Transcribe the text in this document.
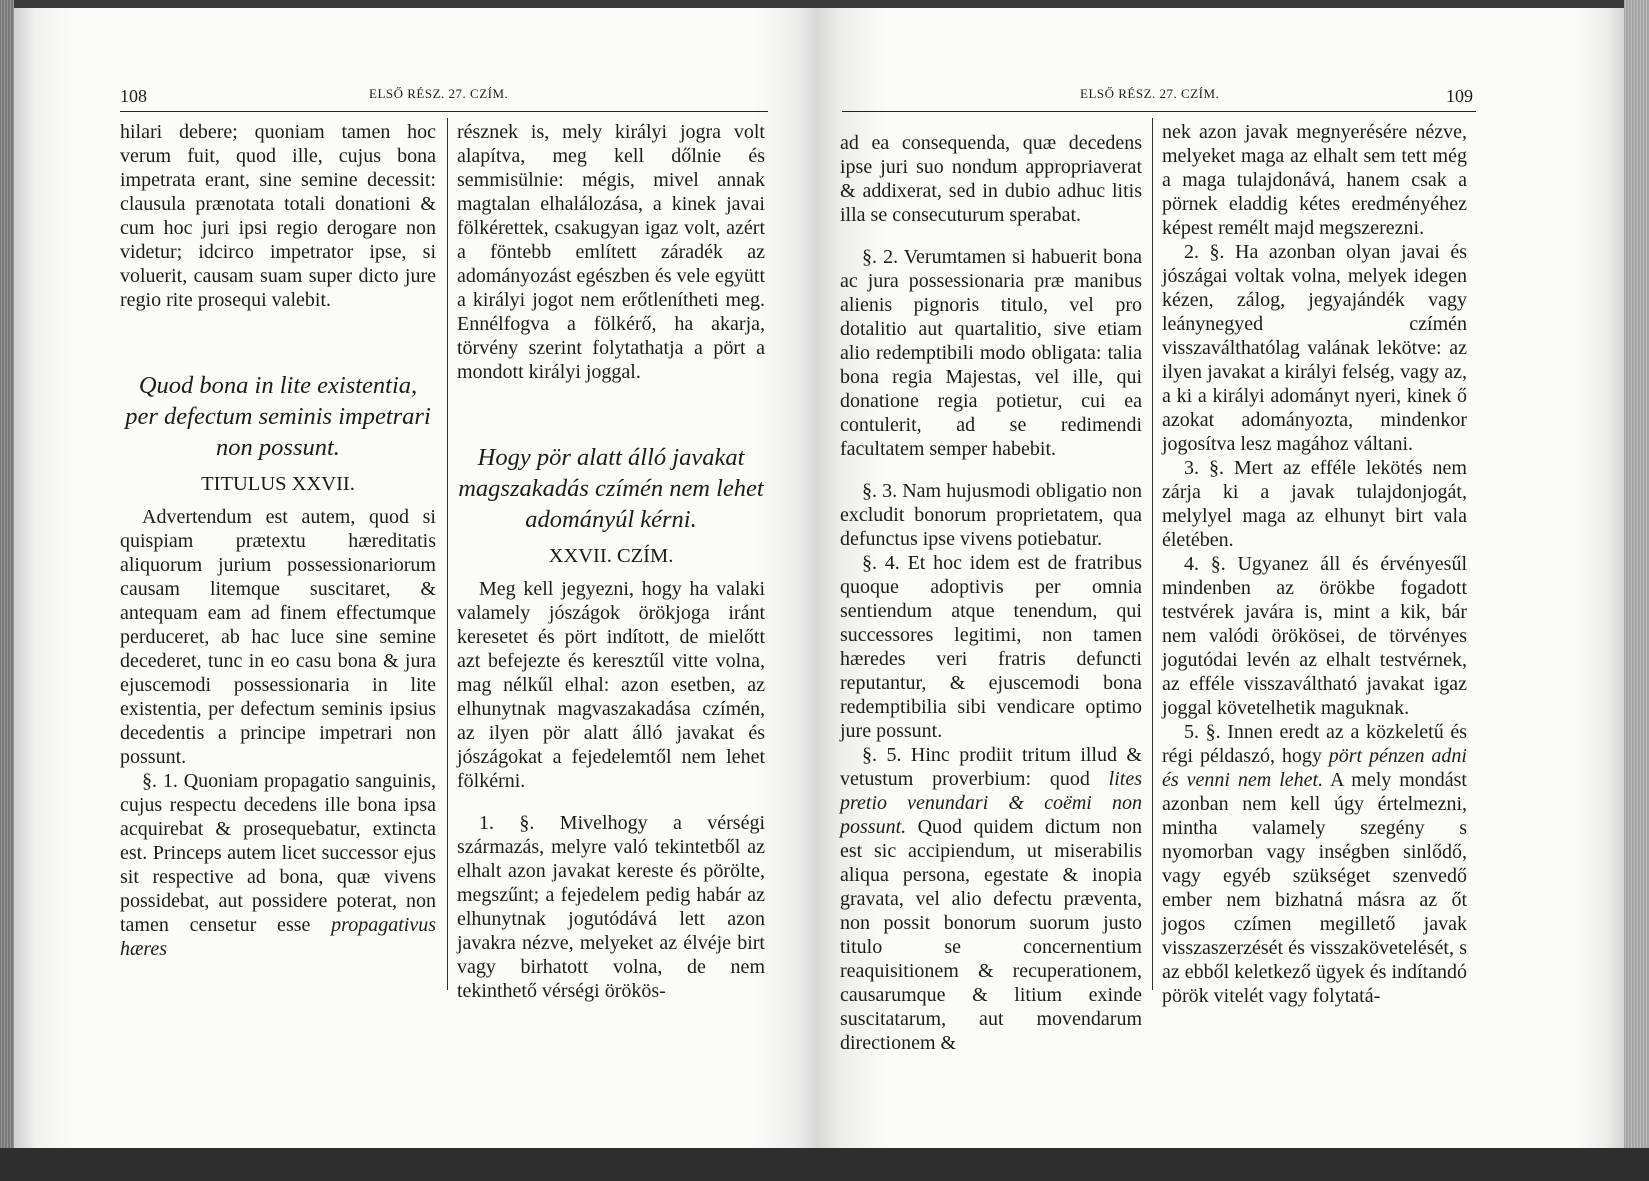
108	ELSŐ RÉSZ. 27. CZÍM.

hilari debere; quoniam tamen hoc verum fuit, quod ille, cujus bona impetrata erant, sine semine decessit: clausula prænotata totali donationi & cum hoc juri ipsi regio derogare non videtur; idcirco impetrator ipse, si voluerit, causam suam super dicto jure regio rite prosequi valebit.

Quod bona in lite existentia, per defectum seminis impetrari non possunt.

TITULUS XXVII.

Advertendum est autem, quod si quispiam prætextu hæreditatis aliquorum jurium possessionariorum causam litemque suscitaret, & antequam eam ad finem effectumque perduceret, ab hac luce sine semine decederet, tunc in eo casu bona & jura ejuscemodi possessionaria in lite existentia, per defectum seminis ipsius decedentis a principe impetrari non possunt.

§. 1. Quoniam propagatio sanguinis, cujus respectu decedens ille bona ipsa acquirebat & prosequebatur, extincta est. Princeps autem licet successor ejus sit respective ad bona, quæ vivens possidebat, aut possidere poterat, non tamen censetur esse propagativus hæres

résznek is, mely királyi jogra volt alapítva, meg kell dőlnie és semmisülnie: mégis, mivel annak magtalan elhalálozása, a kinek javai fölkérettek, csakugyan igaz volt, azért a föntebb említett záradék az adományozást egészben és vele együtt a királyi jogot nem erőtlenítheti meg. Ennélfogva a fölkérő, ha akarja, törvény szerint folytathatja a pört a mondott királyi joggal.

Hogy pör alatt álló javakat magszakadás czímén nem lehet adományúl kérni.

XXVII. CZÍM.

Meg kell jegyezni, hogy ha valaki valamely jószágok örökjoga iránt keresetet és pört indított, de mielőtt azt befejezte és keresztűl vitte volna, mag nélkűl elhal: azon esetben, az elhunytnak magvaszakadása czímén, az ilyen pör alatt álló javakat és jószágokat a fejedelemtől nem lehet fölkérni.

1. §. Mivelhogy a vérségi származás, melyre való tekintetből az elhalt azon javakat kereste és pörölte, megszűnt; a fejedelem pedig habár az elhunytnak jogutódává lett azon javakra nézve, melyeket az élvéje birt vagy birhatott volna, de nem tekinthető vérségi örökös-

ELSŐ RÉSZ. 27. CZÍM.	109

ad ea consequenda, quæ decedens ipse juri suo nondum appropriaverat & addixerat, sed in dubio adhuc litis illa se consecuturum sperabat.

§. 2. Verumtamen si habuerit bona ac jura possessionaria præ manibus alienis pignoris titulo, vel pro dotalitio aut quartalitio, sive etiam alio redemptibili modo obligata: talia bona regia Majestas, vel ille, qui donatione regia potietur, cui ea contulerit, ad se redimendi facultatem semper habebit.

§. 3. Nam hujusmodi obligatio non excludit bonorum proprietatem, qua defunctus ipse vivens potiebatur.

§. 4. Et hoc idem est de fratribus quoque adoptivis per omnia sentiendum atque tenendum, qui successores legitimi, non tamen hæredes veri fratris defuncti reputantur, & ejuscemodi bona redemptibilia sibi vendicare optimo jure possunt.

§. 5. Hinc prodiit tritum illud & vetustum proverbium: quod lites pretio venundari & coëmi non possunt. Quod quidem dictum non est sic accipiendum, ut miserabilis aliqua persona, egestate & inopia gravata, vel alio defectu præventa, non possit bonorum suorum justo titulo se concernentium reaquisitionem & recuperationem, causarumque & litium exinde suscitatarum, aut movendarum directionem &

nek azon javak megnyerésére nézve, melyeket maga az elhalt sem tett még a maga tulajdonává, hanem csak a pörnek eladdig kétes eredményéhez képest remélt majd megszerezni.

2. §. Ha azonban olyan javai és jószágai voltak volna, melyek idegen kézen, zálog, jegyajándék vagy leánynegyed czímén visszaválthatólag valának lekötve: az ilyen javakat a királyi felség, vagy az, a ki a királyi adományt nyeri, kinek ő azokat adományozta, mindenkor jogosítva lesz magához váltani.

3. §. Mert az efféle lekötés nem zárja ki a javak tulajdonjogát, melylyel maga az elhunyt birt vala életében.

4. §. Ugyanez áll és érvényesűl mindenben az örökbe fogadott testvérek javára is, mint a kik, bár nem valódi örökösei, de törvényes jogutódai levén az elhalt testvérnek, az efféle visszaváltható javakat igaz joggal követelhetik maguknak.

5. §. Innen eredt az a közkeletű és régi példaszó, hogy pört pénzen adni és venni nem lehet. A mely mondást azonban nem kell úgy értelmezni, mintha valamely szegény s nyomorban vagy inségben sinlődő, vagy egyéb szükséget szenvedő ember nem bizhatná másra az őt jogos czímen megillető javak visszaszerzését és visszakövetelését, s az ebből keletkező ügyek és indítandó pörök vitelét vagy folytatá-
